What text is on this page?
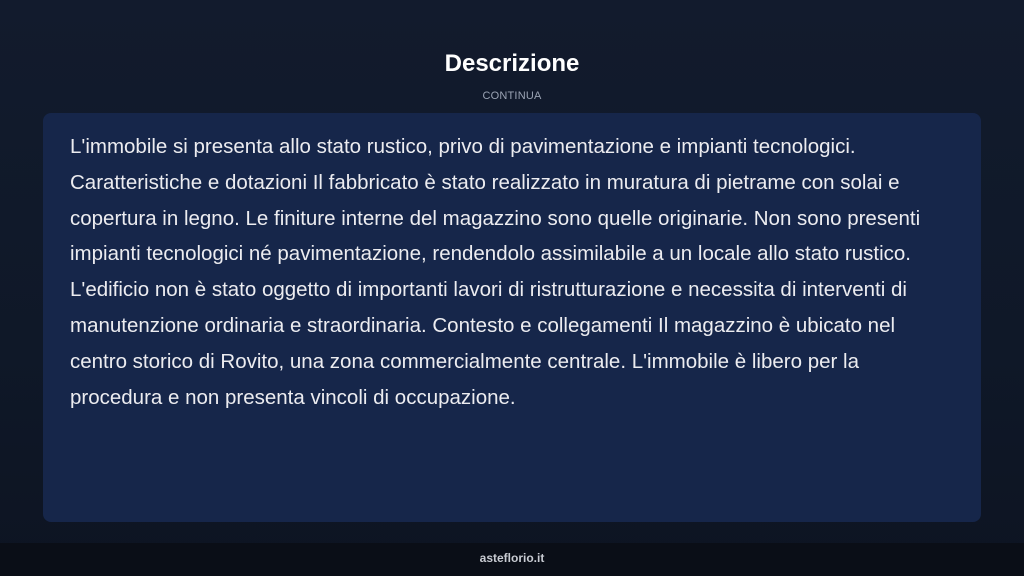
Descrizione
CONTINUA

L'immobile si presenta allo stato rustico, privo di pavimentazione e impianti tecnologici. Caratteristiche e dotazioni Il fabbricato è stato realizzato in muratura di pietrame con solai e copertura in legno. Le finiture interne del magazzino sono quelle originarie. Non sono presenti impianti tecnologici né pavimentazione, rendendolo assimilabile a un locale allo stato rustico. L'edificio non è stato oggetto di importanti lavori di ristrutturazione e necessita di interventi di manutenzione ordinaria e straordinaria. Contesto e collegamenti Il magazzino è ubicato nel centro storico di Rovito, una zona commercialmente centrale. L'immobile è libero per la procedura e non presenta vincoli di occupazione.

asteflorio.it
